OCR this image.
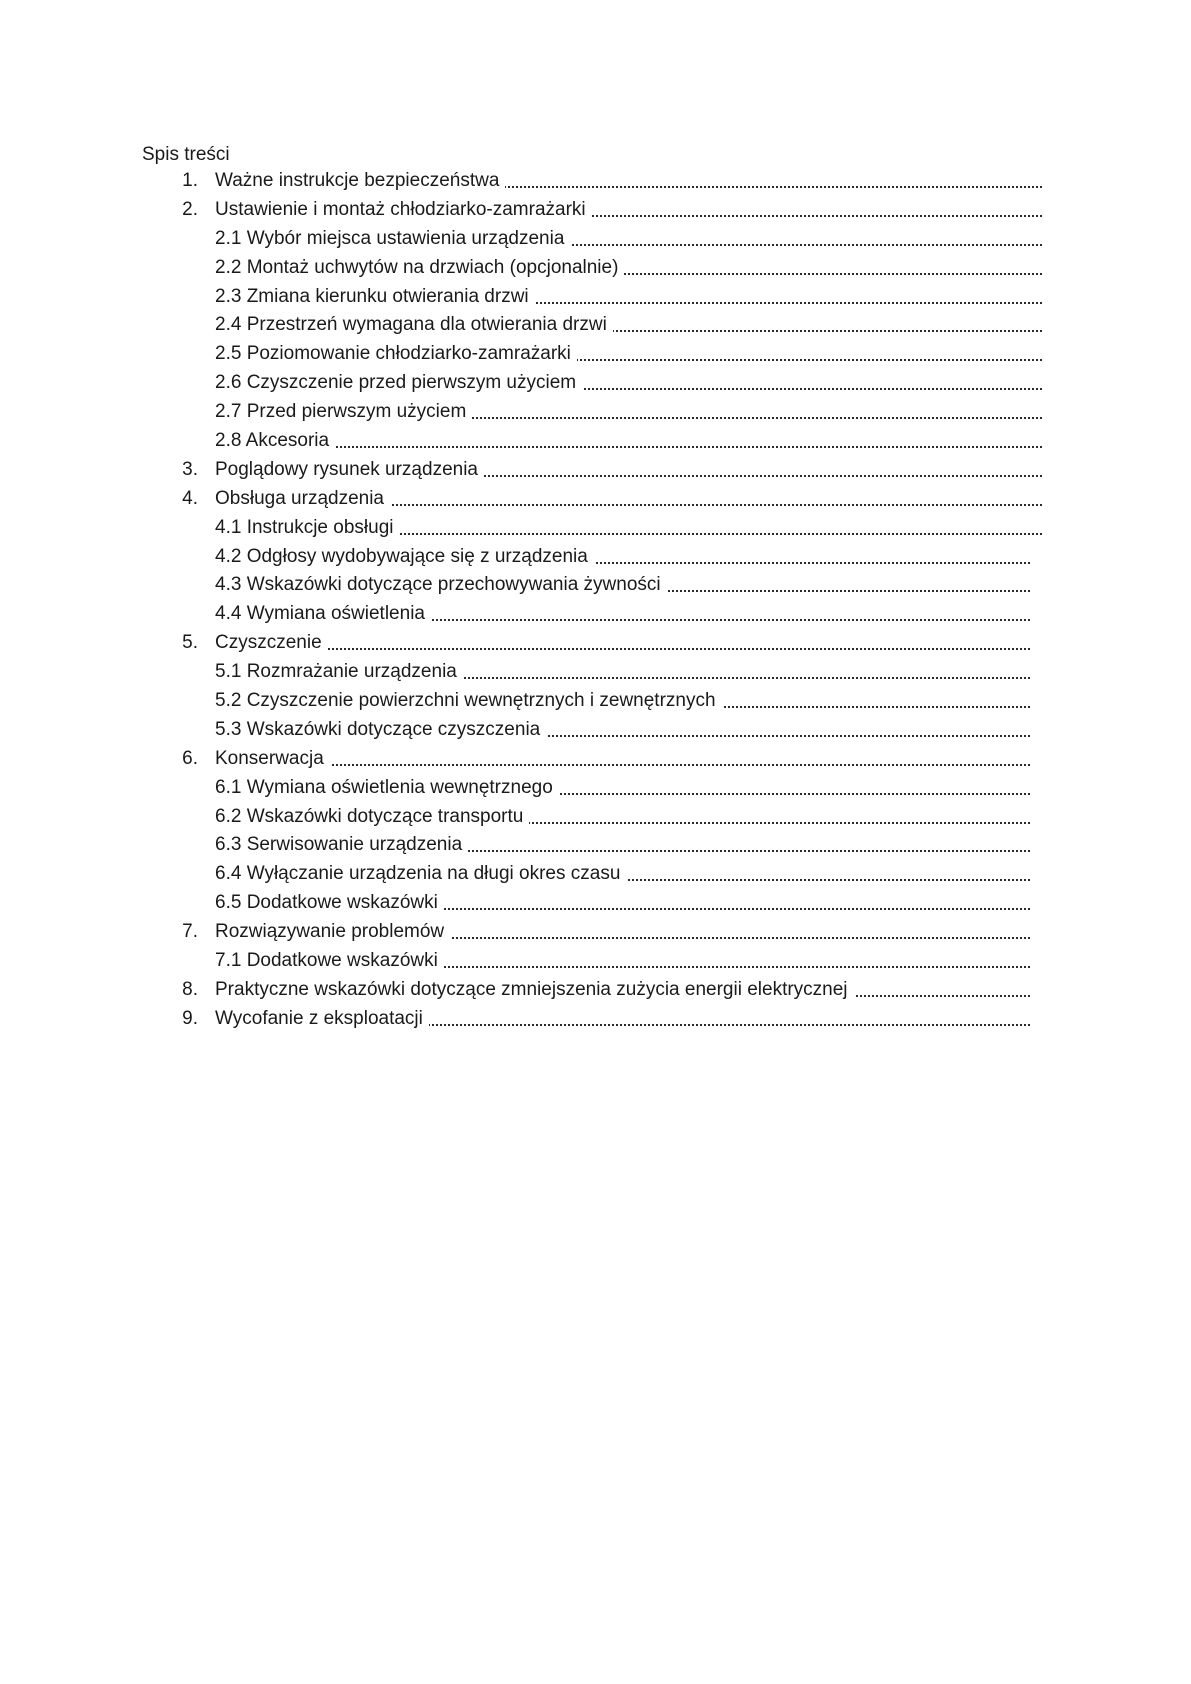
Spis treści
1. Ważne instrukcje bezpieczeństwa
2. Ustawienie i montaż chłodziarko-zamrażarki
2.1 Wybór miejsca ustawienia urządzenia
2.2 Montaż uchwytów na drzwiach (opcjonalnie)
2.3 Zmiana kierunku otwierania drzwi
2.4 Przestrzeń wymagana dla otwierania drzwi
2.5 Poziomowanie chłodziarko-zamrażarki
2.6 Czyszczenie przed pierwszym użyciem
2.7 Przed pierwszym użyciem
2.8 Akcesoria
3. Poglądowy rysunek urządzenia
4. Obsługa urządzenia
4.1 Instrukcje obsługi
4.2 Odgłosy wydobywające się z urządzenia
4.3 Wskazówki dotyczące przechowywania żywności
4.4 Wymiana oświetlenia
5. Czyszczenie
5.1 Rozmrażanie urządzenia
5.2 Czyszczenie powierzchni wewnętrznych i zewnętrznych
5.3 Wskazówki dotyczące czyszczenia
6. Konserwacja
6.1 Wymiana oświetlenia wewnętrznego
6.2 Wskazówki dotyczące transportu
6.3 Serwisowanie urządzenia
6.4 Wyłączanie urządzenia na długi okres czasu
6.5 Dodatkowe wskazówki
7. Rozwiązywanie problemów
7.1 Dodatkowe wskazówki
8. Praktyczne wskazówki dotyczące zmniejszenia zużycia energii elektrycznej
9. Wycofanie z eksploatacji
